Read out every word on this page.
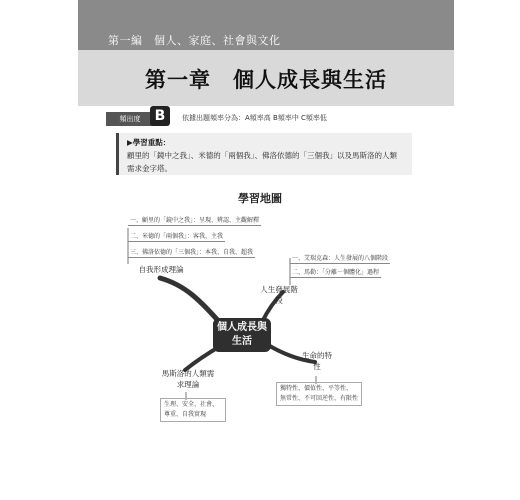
第一編　個人、家庭、社會與文化
第一章　個人成長與生活
頻出度	B	依據出題頻率分為：A頻率高 B頻率中 C頻率低
▶學習重點：
顧里的「鏡中之我」、米德的「兩個我」、佛洛依德的「三個我」以及馬斯洛的人類需求金字塔。
學習地圖
一、顧里的「鏡中之我」：呈現、辨認、主觀解釋
二、米德的「兩個我」：客我、主我
三、佛洛依德的「三個我」：本我、自我、超我
一、艾瑞克森：人生發展的八個階段
二、馬勒：「分離－個體化」過程
自我形成理論
人生發展階段
個人成長與生活
馬斯洛的人類需求理論
生命的特性
生理、安全、社會、
尊重、自我實現
獨特性、價值性、平等性、
無常性、不可回逆性、有限性
